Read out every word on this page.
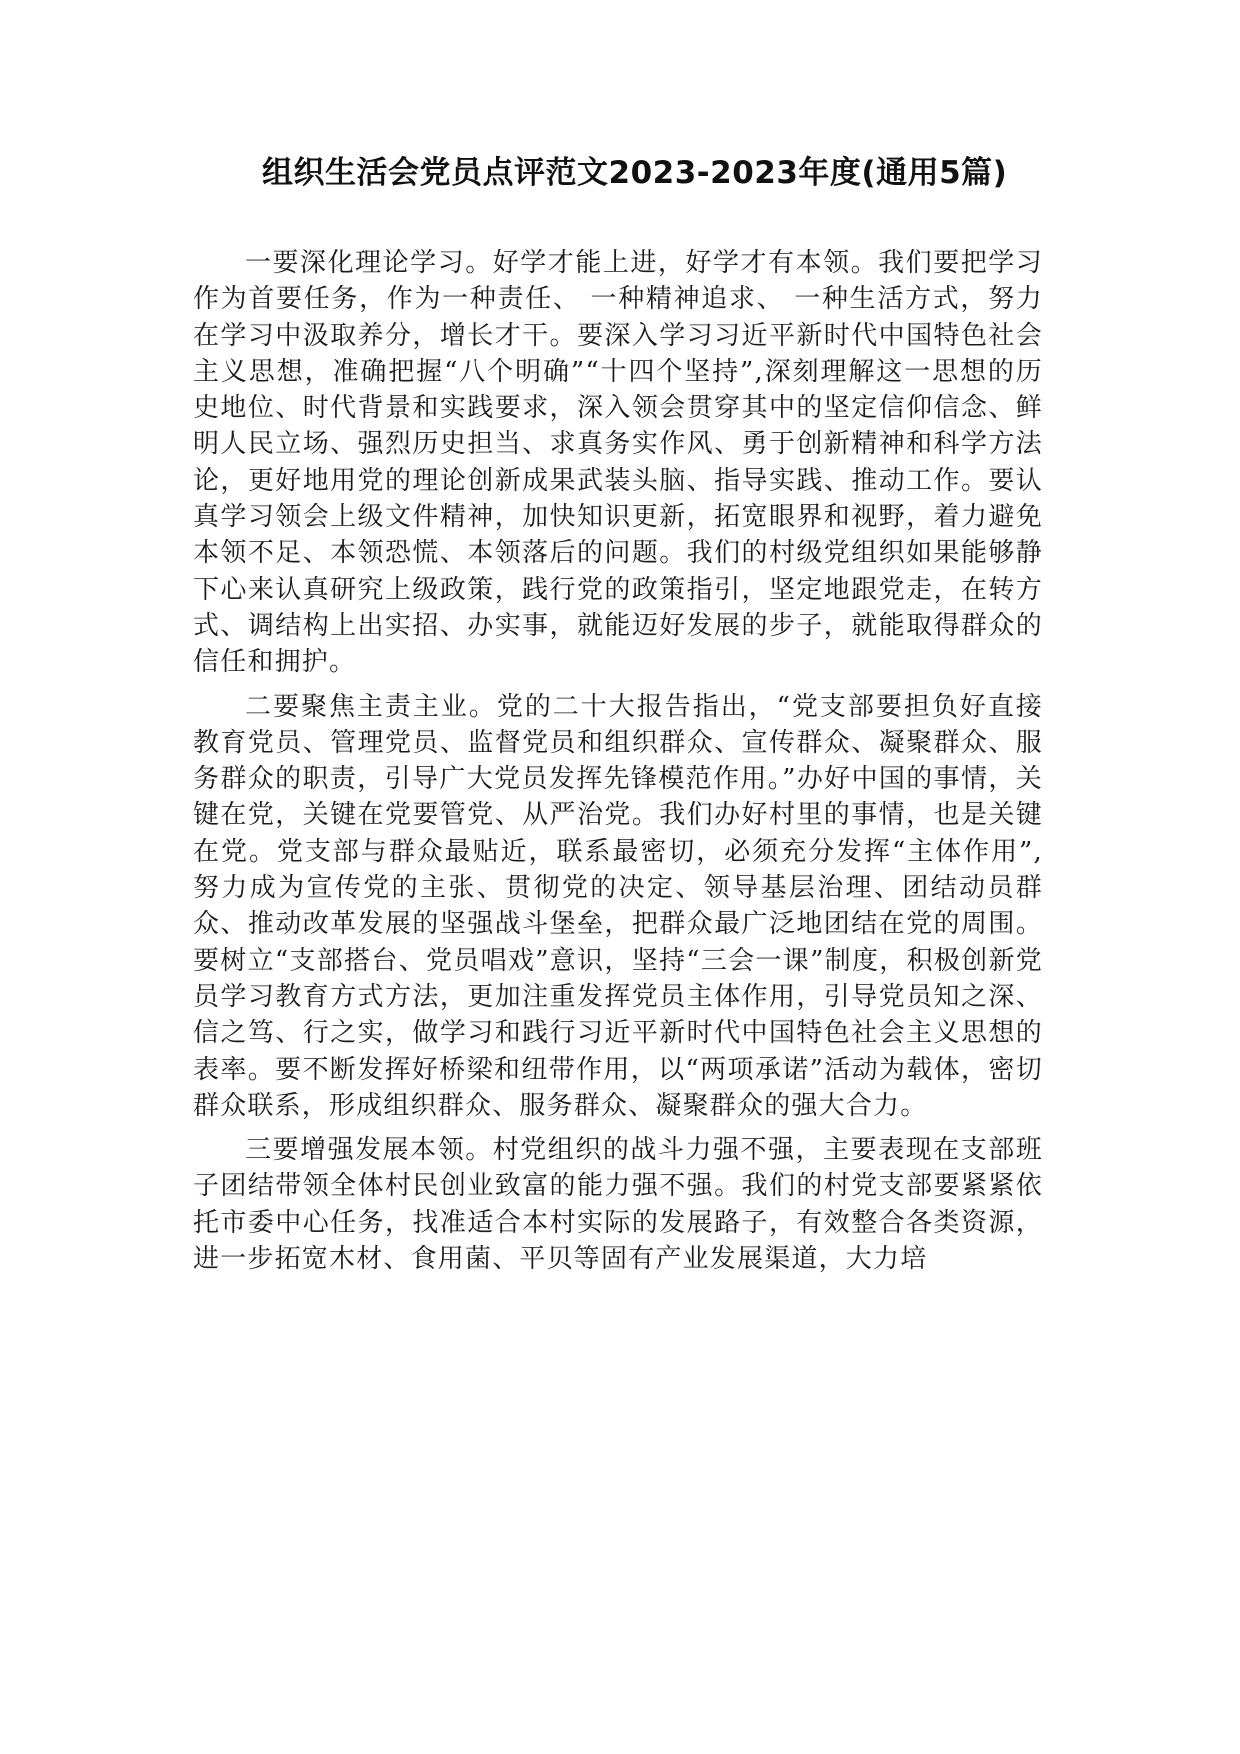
组织生活会党员点评范文2023-2023年度(通用5篇)

一要深化理论学习。好学才能上进，好学才有本领。我们要把学习作为首要任务，作为一种责任、 一种精神追求、 一种生活方式，努力在学习中汲取养分，增长才干。要深入学习习近平新时代中国特色社会主义思想，准确把握“八个明确”“十四个坚持”,深刻理解这一思想的历史地位、时代背景和实践要求，深入领会贯穿其中的坚定信仰信念、鲜明人民立场、强烈历史担当、求真务实作风、勇于创新精神和科学方法论，更好地用党的理论创新成果武装头脑、指导实践、推动工作。要认真学习领会上级文件精神，加快知识更新，拓宽眼界和视野，着力避免本领不足、本领恐慌、本领落后的问题。我们的村级党组织如果能够静下心来认真研究上级政策，践行党的政策指引，坚定地跟党走，在转方式、调结构上出实招、办实事，就能迈好发展的步子，就能取得群众的信任和拥护。

二要聚焦主责主业。党的二十大报告指出，“党支部要担负好直接教育党员、管理党员、监督党员和组织群众、宣传群众、凝聚群众、服务群众的职责，引导广大党员发挥先锋模范作用。”办好中国的事情，关键在党，关键在党要管党、从严治党。我们办好村里的事情，也是关键在党。党支部与群众最贴近，联系最密切，必须充分发挥“主体作用”,努力成为宣传党的主张、贯彻党的决定、领导基层治理、团结动员群众、推动改革发展的坚强战斗堡垒，把群众最广泛地团结在党的周围。要树立“支部搭台、党员唱戏”意识，坚持“三会一课”制度，积极创新党员学习教育方式方法，更加注重发挥党员主体作用，引导党员知之深、信之笃、行之实，做学习和践行习近平新时代中国特色社会主义思想的表率。要不断发挥好桥梁和纽带作用，以“两项承诺”活动为载体，密切群众联系，形成组织群众、服务群众、凝聚群众的强大合力。

三要增强发展本领。村党组织的战斗力强不强，主要表现在支部班子团结带领全体村民创业致富的能力强不强。我们的村党支部要紧紧依托市委中心任务，找准适合本村实际的发展路子，有效整合各类资源，进一步拓宽木材、食用菌、平贝等固有产业发展渠道，大力培
